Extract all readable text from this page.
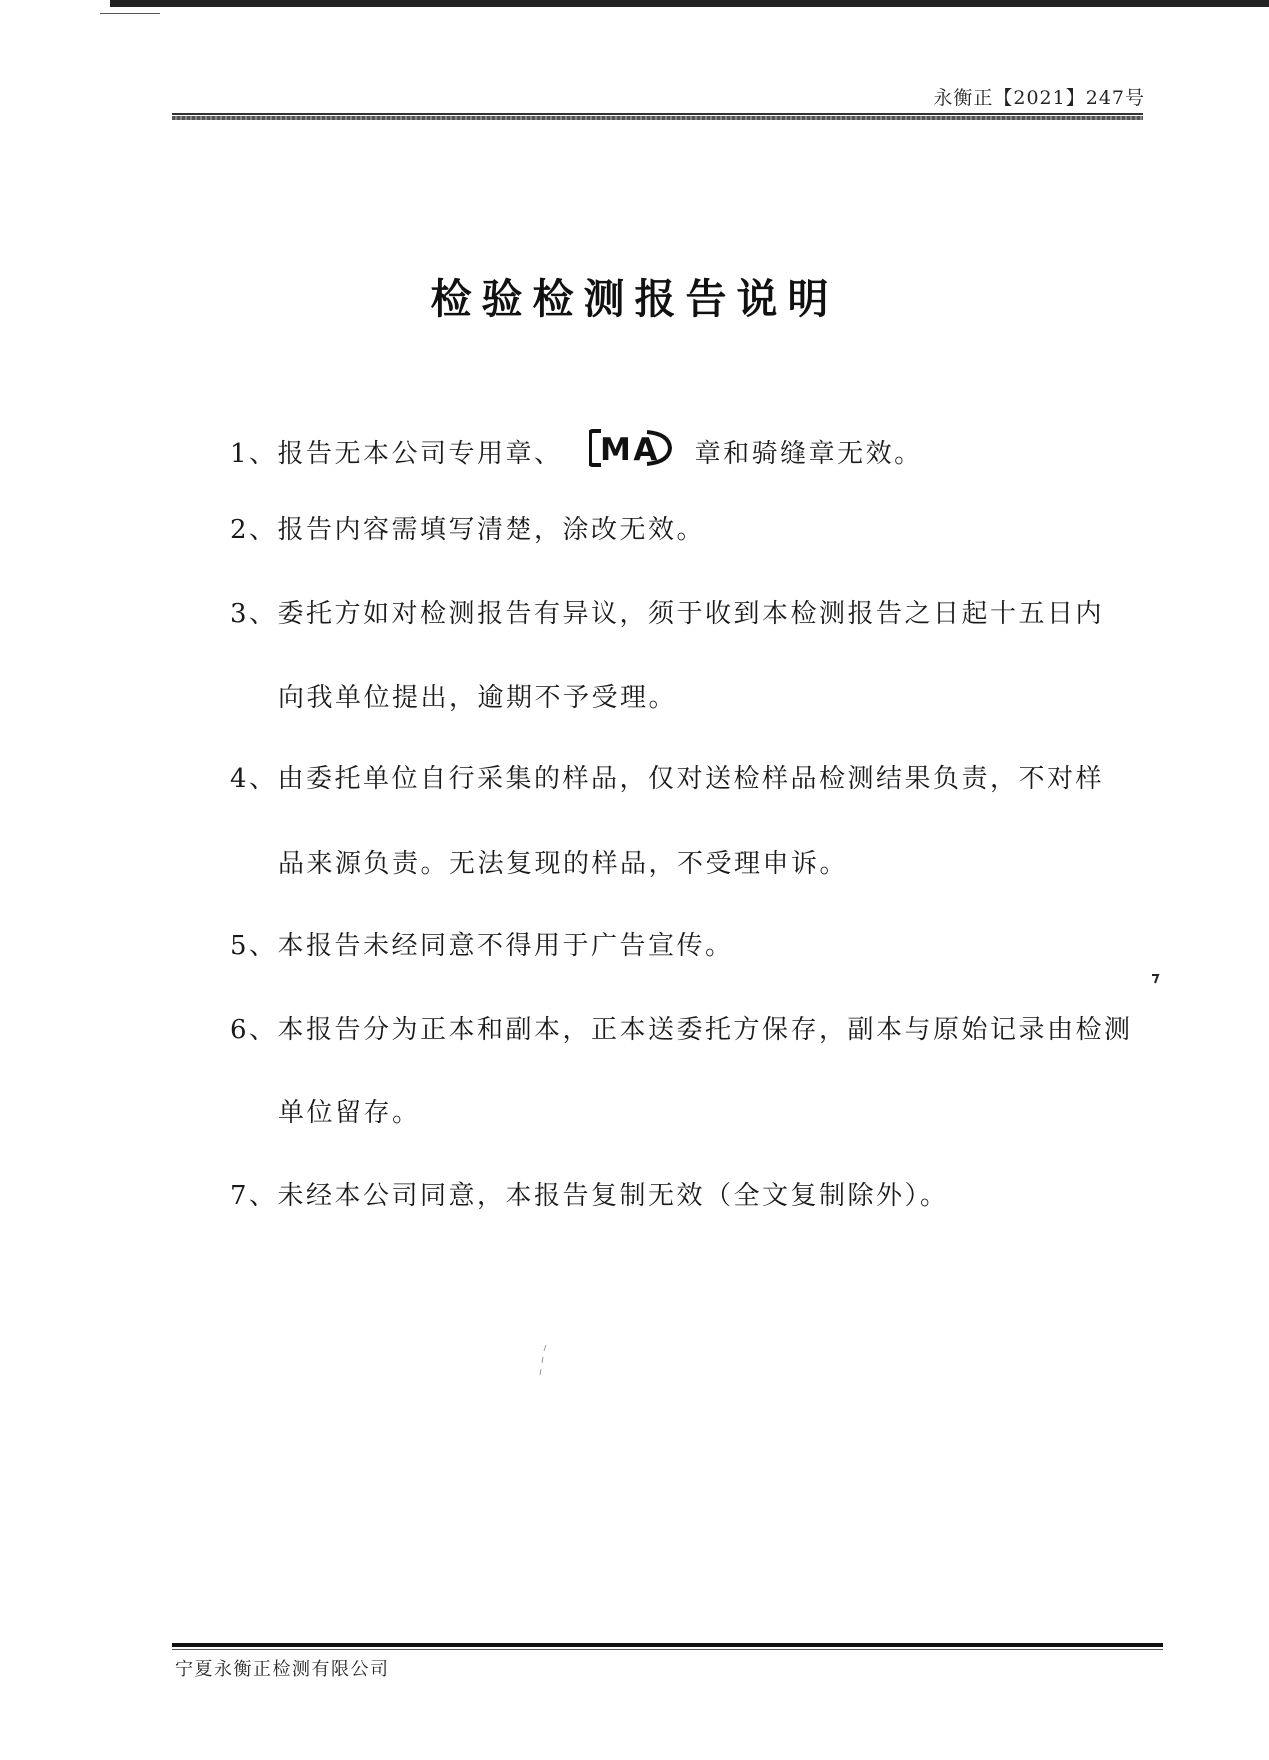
永衡正【2021】247号
检验检测报告说明
1、报告无本公司专用章、 MA 章和骑缝章无效。
2、报告内容需填写清楚，涂改无效。
3、委托方如对检测报告有异议，须于收到本检测报告之日起十五日内
向我单位提出，逾期不予受理。
4、由委托单位自行采集的样品，仅对送检样品检测结果负责，不对样
品来源负责。无法复现的样品，不受理申诉。
5、本报告未经同意不得用于广告宣传。
6、本报告分为正本和副本，正本送委托方保存，副本与原始记录由检测
单位留存。
7、未经本公司同意，本报告复制无效（全文复制除外）。
宁夏永衡正检测有限公司
